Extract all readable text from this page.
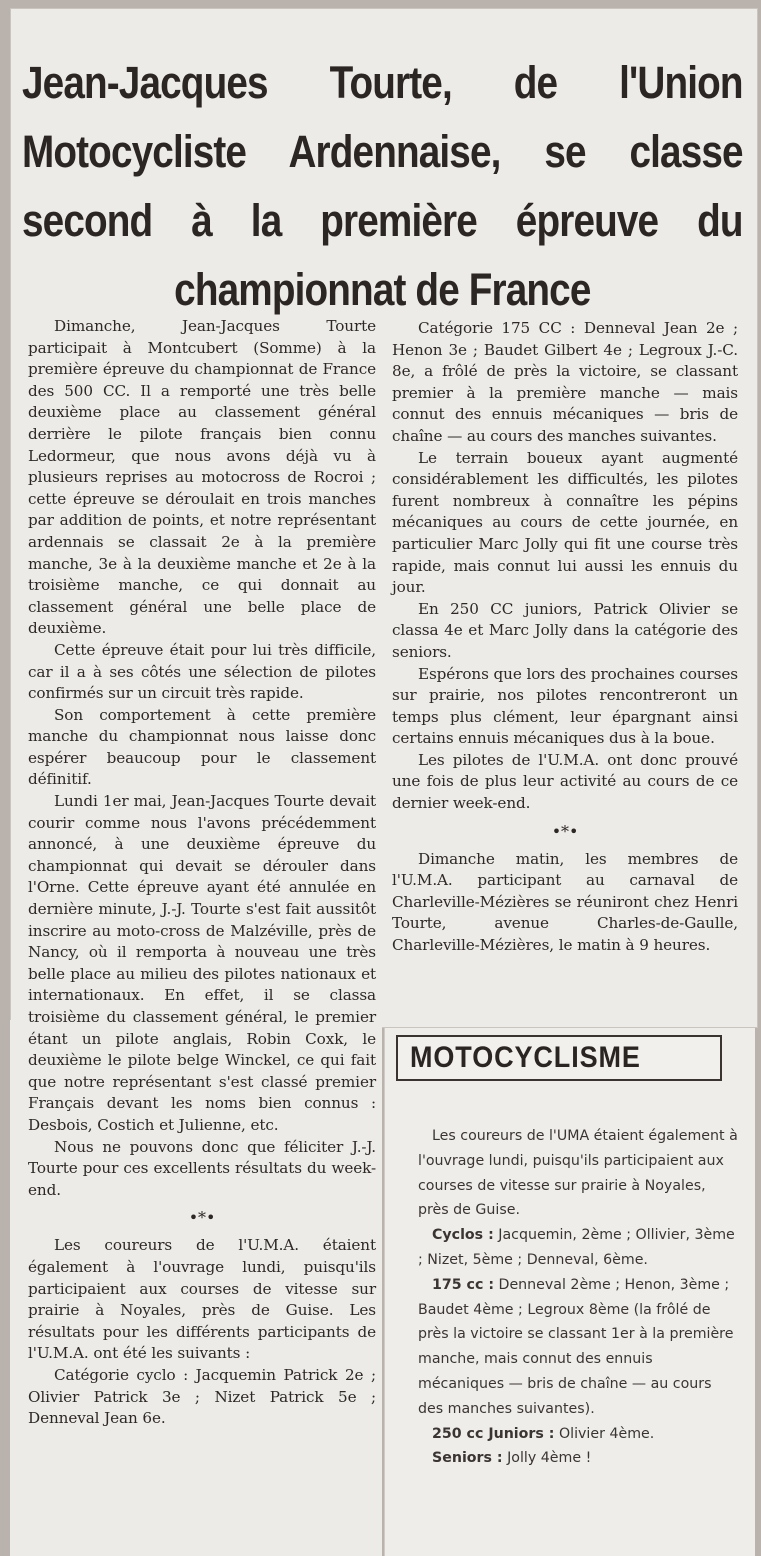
Jean-Jacques Tourte, de l'Union Motocycliste Ardennaise, se classe second à la première épreuve du championnat de France

Dimanche, Jean-Jacques Tourte participait à Montcubert (Somme) à la première épreuve du championnat de France des 500 CC. Il a remporté une très belle deuxième place au classement général derrière le pilote français bien connu Ledormeur, que nous avons déjà vu à plusieurs reprises au motocross de Rocroi ; cette épreuve se déroulait en trois manches par addition de points, et notre représentant ardennais se classait 2e à la première manche, 3e à la deuxième manche et 2e à la troisième manche, ce qui donnait au classement général une belle place de deuxième.

Cette épreuve était pour lui très difficile, car il a à ses côtés une sélection de pilotes confirmés sur un circuit très rapide.

Son comportement à cette première manche du championnat nous laisse donc espérer beaucoup pour le classement définitif.

Lundi 1er mai, Jean-Jacques Tourte devait courir comme nous l'avons précédemment annoncé, à une deuxième épreuve du championnat qui devait se dérouler dans l'Orne. Cette épreuve ayant été annulée en dernière minute, J.-J. Tourte s'est fait aussitôt inscrire au moto-cross de Malzéville, près de Nancy, où il remporta à nouveau une très belle place au milieu des pilotes nationaux et internationaux. En effet, il se classa troisième du classement général, le premier étant un pilote anglais, Robin Coxk, le deuxième le pilote belge Winckel, ce qui fait que notre représentant s'est classé premier Français devant les noms bien connus : Desbois, Costich et Julienne, etc.

Nous ne pouvons donc que féliciter J.-J. Tourte pour ces excellents résultats du week-end.

•*•

Les coureurs de l'U.M.A. étaient également à l'ouvrage lundi, puisqu'ils participaient aux courses de vitesse sur prairie à Noyales, près de Guise. Les résultats pour les différents participants de l'U.M.A. ont été les suivants :

Catégorie cyclo : Jacquemin Patrick 2e ; Olivier Patrick 3e ; Nizet Patrick 5e ; Denneval Jean 6e.

Catégorie 175 CC : Denneval Jean 2e ; Henon 3e ; Baudet Gilbert 4e ; Legroux J.-C. 8e, a frôlé de près la victoire, se classant premier à la première manche — mais connut des ennuis mécaniques — bris de chaîne — au cours des manches suivantes.

Le terrain boueux ayant augmenté considérablement les difficultés, les pilotes furent nombreux à connaître les pépins mécaniques au cours de cette journée, en particulier Marc Jolly qui fit une course très rapide, mais connut lui aussi les ennuis du jour.

En 250 CC juniors, Patrick Olivier se classa 4e et Marc Jolly dans la catégorie des seniors.

Espérons que lors des prochaines courses sur prairie, nos pilotes rencontreront un temps plus clément, leur épargnant ainsi certains ennuis mécaniques dus à la boue.

Les pilotes de l'U.M.A. ont donc prouvé une fois de plus leur activité au cours de ce dernier week-end.

•*•

Dimanche matin, les membres de l'U.M.A. participant au carnaval de Charleville-Mézières se réuniront chez Henri Tourte, avenue Charles-de-Gaulle, Charleville-Mézières, le matin à 9 heures.

MOTOCYCLISME

Les coureurs de l'UMA étaient également à l'ouvrage lundi, puisqu'ils participaient aux courses de vitesse sur prairie à Noyales, près de Guise.

Cyclos : Jacquemin, 2ème ; Ollivier, 3ème ; Nizet, 5ème ; Denneval, 6ème.

175 cc : Denneval 2ème ; Henon, 3ème ; Baudet 4ème ; Legroux 8ème (la frôlé de près la victoire se classant 1er à la première manche, mais connut des ennuis mécaniques — bris de chaîne — au cours des manches suivantes).

250 cc Juniors : Olivier 4ème.

Seniors : Jolly 4ème !
